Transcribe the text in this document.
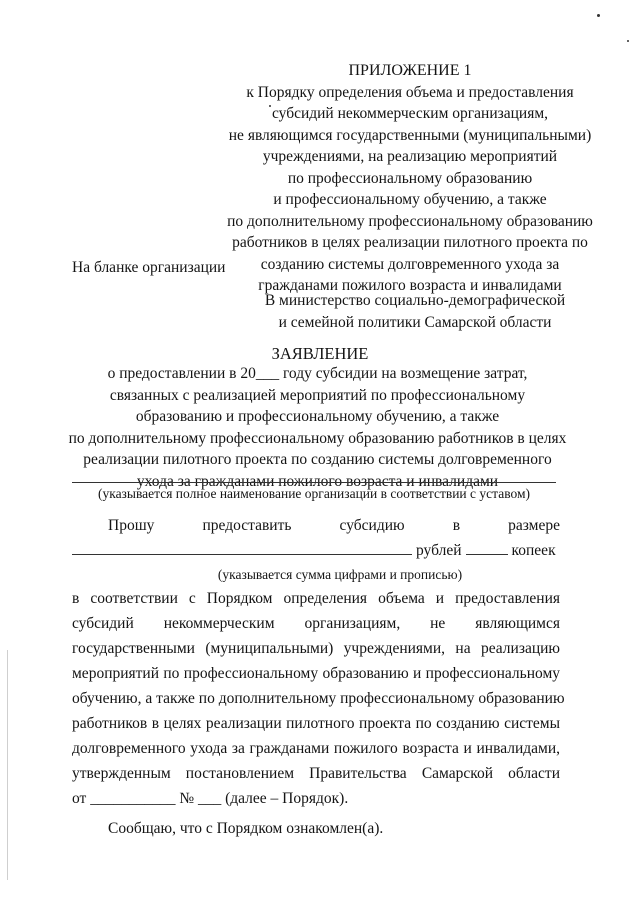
ПРИЛОЖЕНИЕ 1
к Порядку определения объема и предоставления
субсидий некоммерческим организациям,
не являющимся государственными (муниципальными)
учреждениями, на реализацию мероприятий
по профессиональному образованию
и профессиональному обучению, а также
по дополнительному профессиональному образованию
работников в целях реализации пилотного проекта по
созданию системы долговременного ухода за
гражданами пожилого возраста и инвалидами
На бланке организации
В министерство социально-демографической
и семейной политики Самарской области
ЗАЯВЛЕНИЕ
о предоставлении в 20___ году субсидии на возмещение затрат,
связанных с реализацией мероприятий по профессиональному
образованию и профессиональному обучению, а также
по дополнительному профессиональному образованию работников в целях
реализации пилотного проекта по созданию системы долговременного
ухода за гражданами пожилого возраста и инвалидами
(указывается полное наименование организации в соответствии с уставом)
Прошу	предоставить	субсидию	в	размере
рублей	копеек
(указывается сумма цифрами и прописью)
в соответствии с Порядком определения объема и предоставления
субсидий некоммерческим организациям, не являющимся
государственными (муниципальными) учреждениями, на реализацию
мероприятий по профессиональному образованию и профессиональному
обучению, а также по дополнительному профессиональному образованию
работников в целях реализации пилотного проекта по созданию системы
долговременного ухода за гражданами пожилого возраста и инвалидами,
утвержденным постановлением Правительства Самарской области
от ___________ № ___ (далее – Порядок).
Сообщаю, что с Порядком ознакомлен(а).
